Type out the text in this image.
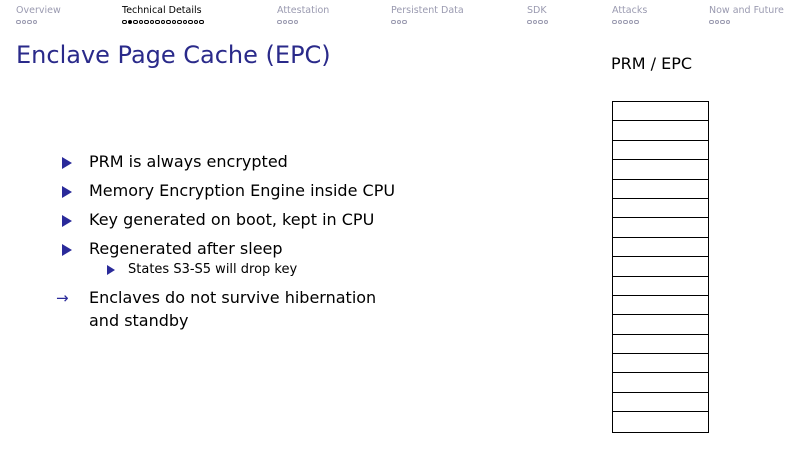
Overview	Technical Details	Attestation	Persistent Data	SDK	Attacks	Now and Future
Enclave Page Cache (EPC)
PRM is always encrypted
Memory Encryption Engine inside CPU
Key generated on boot, kept in CPU
Regenerated after sleep
States S3-S5 will drop key
→ Enclaves do not survive hibernation
and standby
PRM / EPC
